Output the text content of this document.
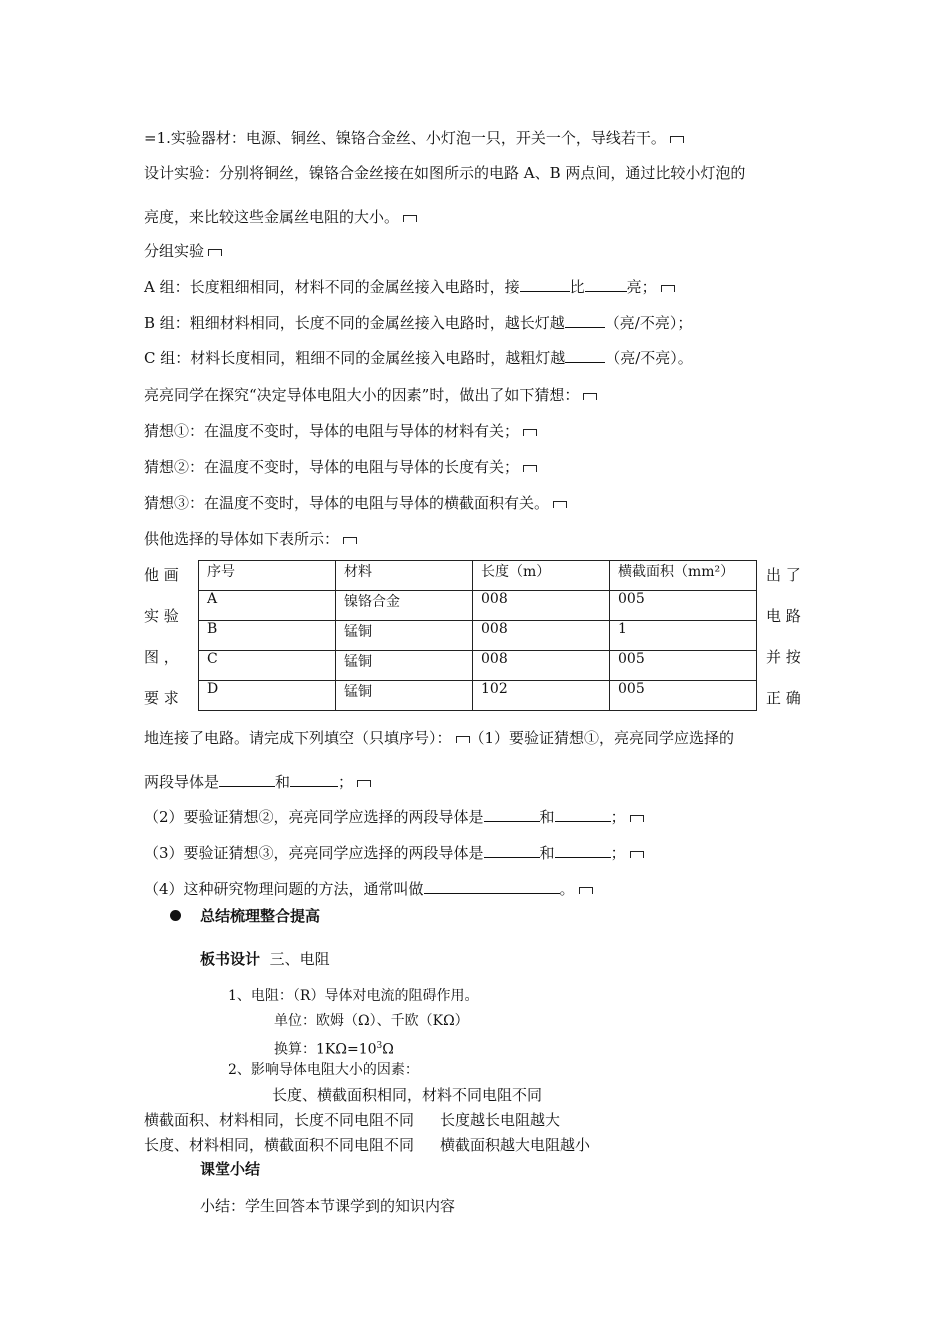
=1.实验器材：电源、铜丝、镍铬合金丝、小灯泡一只，开关一个，导线若干。
设计实验：分别将铜丝，镍铬合金丝接在如图所示的电路 A、B 两点间，通过比较小灯泡的
亮度，来比较这些金属丝电阻的大小。
分组实验
A 组：长度粗细相同，材料不同的金属丝接入电路时，接	比	亮；
B 组：粗细材料相同，长度不同的金属丝接入电路时，越长灯越	（亮/不亮）；
C 组：材料长度相同，粗细不同的金属丝接入电路时，越粗灯越	（亮/不亮）。
亮亮同学在探究“决定导体电阻大小的因素”时，做出了如下猜想：
猜想①：在温度不变时，导体的电阻与导体的材料有关；
猜想②：在温度不变时，导体的电阻与导体的长度有关；
猜想③：在温度不变时，导体的电阻与导体的横截面积有关。
供他选择的导体如下表所示：
他 画
实 验
图 ，
要 求
出 了
电 路
并 按
正 确
序号	材料	长度（m）	横截面积（mm²）
A	镍铬合金	008	005
B	锰铜	008	1
C	锰铜	008	005
D	锰铜	102	005
地连接了电路。请完成下列填空（只填序号）： （1）要验证猜想①，亮亮同学应选择的
两段导体是	和	；
（2）要验证猜想②，亮亮同学应选择的两段导体是	和	；
（3）要验证猜想③，亮亮同学应选择的两段导体是	和	；
（4）这种研究物理问题的方法，通常叫做	。
总结梳理整合提高
板书设计 三、电阻
1、电阻：（R）导体对电流的阻碍作用。
单位：欧姆（Ω）、千欧（KΩ）
换算：$1K\Omega=10^3\Omega$
2、影响导体电阻大小的因素：
长度、横截面积相同，材料不同电阻不同
横截面积、材料相同，长度不同电阻不同 长度越长电阻越大
长度、材料相同，横截面积不同电阻不同 横截面积越大电阻越小
课堂小结
小结：学生回答本节课学到的知识内容
